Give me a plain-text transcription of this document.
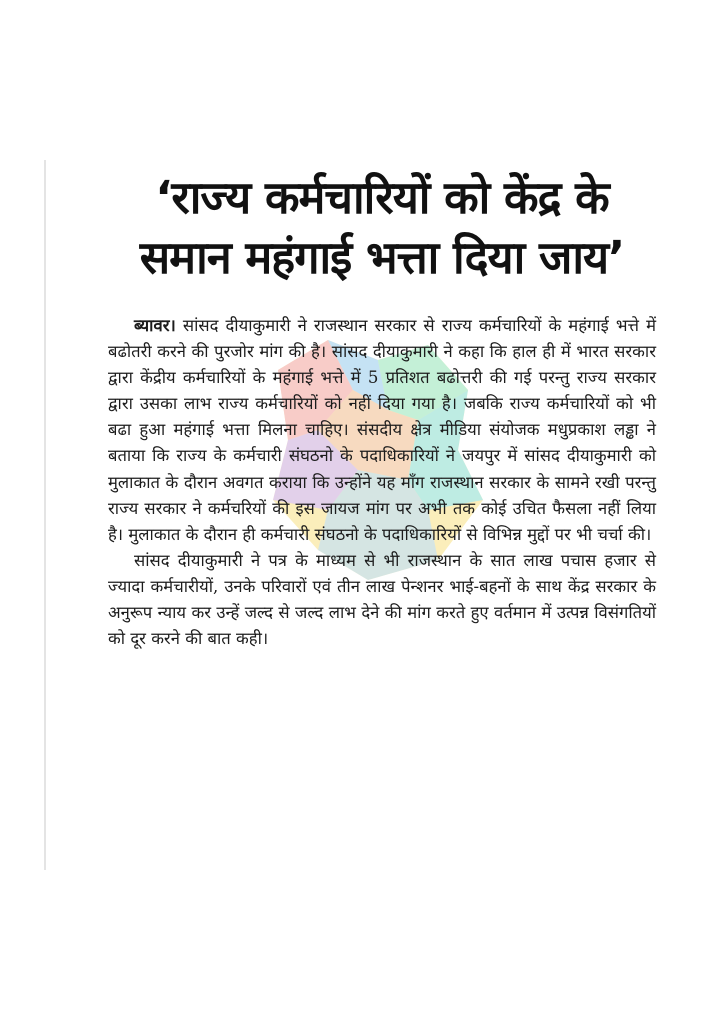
‘राज्य कर्मचारियों को केंद्र के समान महंगाई भत्ता दिया जाय’

ब्यावर। सांसद दीयाकुमारी ने राजस्थान सरकार से राज्य कर्मचारियों के महंगाई भत्ते में बढोतरी करने की पुरजोर मांग की है। सांसद दीयाकुमारी ने कहा कि हाल ही में भारत सरकार द्वारा केंद्रीय कर्मचारियों के महंगाई भत्ते में 5 प्रतिशत बढोत्तरी की गई परन्तु राज्य सरकार द्वारा उसका लाभ राज्य कर्मचारियों को नहीं दिया गया है। जबकि राज्य कर्मचारियों को भी बढा हुआ महंगाई भत्ता मिलना चाहिए। संसदीय क्षेत्र मीडिया संयोजक मधुप्रकाश लड्ढा ने बताया कि राज्य के कर्मचारी संघठनो के पदाधिकारियों ने जयपुर में सांसद दीयाकुमारी को मुलाकात के दौरान अवगत कराया कि उन्होंने यह माँग राजस्थान सरकार के सामने रखी परन्तु राज्य सरकार ने कर्मचरियों की इस जायज मांग पर अभी तक कोई उचित फैसला नहीं लिया है। मुलाकात के दौरान ही कर्मचारी संघठनो के पदाधिकारियों से विभिन्न मुद्दों पर भी चर्चा की।

सांसद दीयाकुमारी ने पत्र के माध्यम से भी राजस्थान के सात लाख पचास हजार से ज्यादा कर्मचारीयों, उनके परिवारों एवं तीन लाख पेन्शनर भाई-बहनों के साथ केंद्र सरकार के अनुरूप न्याय कर उन्हें जल्द से जल्द लाभ देने की मांग करते हुए वर्तमान में उत्पन्न विसंगतियों को दूर करने की बात कही।
